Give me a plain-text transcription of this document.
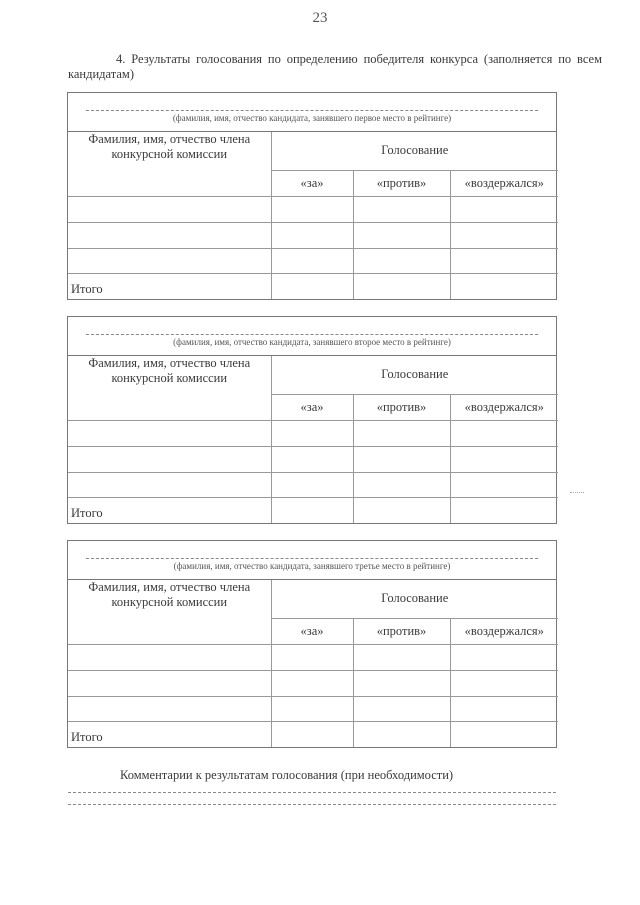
23
4. Результаты голосования по определению победителя конкурса (заполняется по всем кандидатам)
(фамилия, имя, отчество кандидата, занявшего первое место в рейтинге)
Фамилия, имя, отчество члена конкурсной комиссии	Голосование		
	«за»	«против»	«воздержался»

Итого			
(фамилия, имя, отчество кандидата, занявшего второе место в рейтинге)
Фамилия, имя, отчество члена конкурсной комиссии	Голосование		
	«за»	«против»	«воздержался»

Итого			
(фамилия, имя, отчество кандидата, занявшего третье место в рейтинге)
Фамилия, имя, отчество члена конкурсной комиссии	Голосование		
	«за»	«против»	«воздержался»

Итого			
Комментарии к результатам голосования (при необходимости)
